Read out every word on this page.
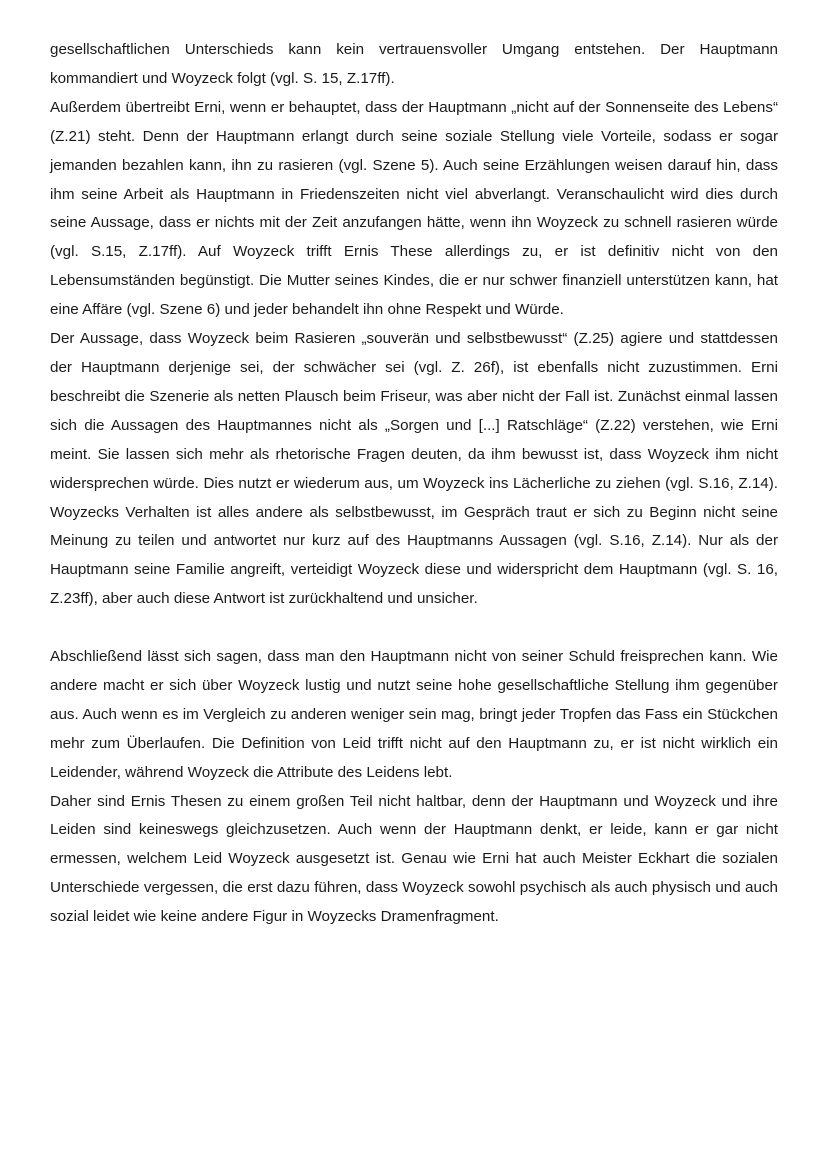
gesellschaftlichen Unterschieds kann kein vertrauensvoller Umgang entstehen. Der Hauptmann kommandiert und Woyzeck folgt (vgl. S. 15, Z.17ff).

Außerdem übertreibt Erni, wenn er behauptet, dass der Hauptmann „nicht auf der Sonnenseite des Lebens“ (Z.21) steht. Denn der Hauptmann erlangt durch seine soziale Stellung viele Vorteile, sodass er sogar jemanden bezahlen kann, ihn zu rasieren (vgl. Szene 5). Auch seine Erzählungen weisen darauf hin, dass ihm seine Arbeit als Hauptmann in Friedenszeiten nicht viel abverlangt. Veranschaulicht wird dies durch seine Aussage, dass er nichts mit der Zeit anzufangen hätte, wenn ihn Woyzeck zu schnell rasieren würde (vgl. S.15, Z.17ff). Auf Woyzeck trifft Ernis These allerdings zu, er ist definitiv nicht von den Lebensumständen begünstigt. Die Mutter seines Kindes, die er nur schwer finanziell unterstützen kann, hat eine Affäre (vgl. Szene 6) und jeder behandelt ihn ohne Respekt und Würde.

Der Aussage, dass Woyzeck beim Rasieren „souverän und selbstbewusst“ (Z.25) agiere und stattdessen der Hauptmann derjenige sei, der schwächer sei (vgl. Z. 26f), ist ebenfalls nicht zuzustimmen. Erni beschreibt die Szenerie als netten Plausch beim Friseur, was aber nicht der Fall ist. Zunächst einmal lassen sich die Aussagen des Hauptmannes nicht als „Sorgen und [...] Ratschläge“ (Z.22) verstehen, wie Erni meint. Sie lassen sich mehr als rhetorische Fragen deuten, da ihm bewusst ist, dass Woyzeck ihm nicht widersprechen würde. Dies nutzt er wiederum aus, um Woyzeck ins Lächerliche zu ziehen (vgl. S.16, Z.14). Woyzecks Verhalten ist alles andere als selbstbewusst, im Gespräch traut er sich zu Beginn nicht seine Meinung zu teilen und antwortet nur kurz auf des Hauptmanns Aussagen (vgl. S.16, Z.14). Nur als der Hauptmann seine Familie angreift, verteidigt Woyzeck diese und widerspricht dem Hauptmann (vgl. S. 16, Z.23ff), aber auch diese Antwort ist zurückhaltend und unsicher.

Abschließend lässt sich sagen, dass man den Hauptmann nicht von seiner Schuld freisprechen kann. Wie andere macht er sich über Woyzeck lustig und nutzt seine hohe gesellschaftliche Stellung ihm gegenüber aus. Auch wenn es im Vergleich zu anderen weniger sein mag, bringt jeder Tropfen das Fass ein Stückchen mehr zum Überlaufen. Die Definition von Leid trifft nicht auf den Hauptmann zu, er ist nicht wirklich ein Leidender, während Woyzeck die Attribute des Leidens lebt.

Daher sind Ernis Thesen zu einem großen Teil nicht haltbar, denn der Hauptmann und Woyzeck und ihre Leiden sind keineswegs gleichzusetzen. Auch wenn der Hauptmann denkt, er leide, kann er gar nicht ermessen, welchem Leid Woyzeck ausgesetzt ist. Genau wie Erni hat auch Meister Eckhart die sozialen Unterschiede vergessen, die erst dazu führen, dass Woyzeck sowohl psychisch als auch physisch und auch sozial leidet wie keine andere Figur in Woyzecks Dramenfragment.
